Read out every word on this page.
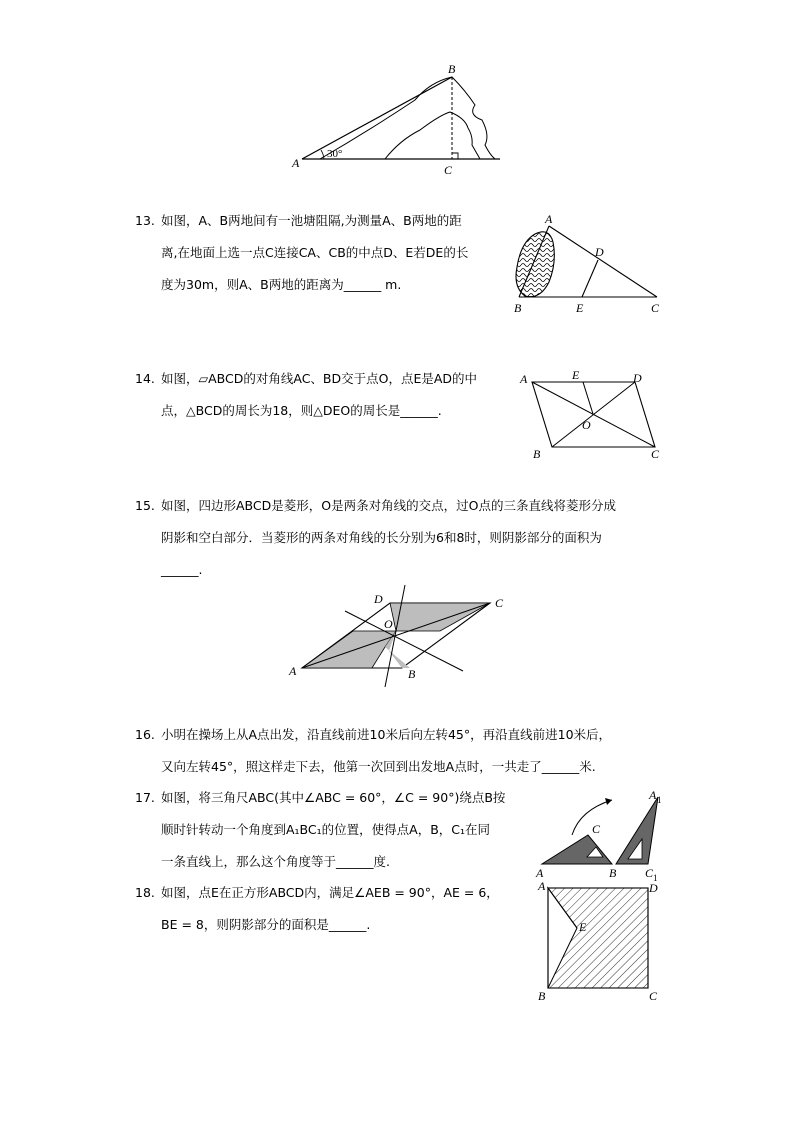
A
B
C
30°
13. 如图，A、B两地间有一池塘阻隔,为测量A、B两地的距
离,在地面上选一点C连接CA、CB的中点D、E若DE的长
度为30m，则A、B两地的距离为______ m.
A
B	C
D
E
14. 如图，▱ABCD的对角线AC、BD交于点O，点E是AD的中
点，△BCD的周长为18，则△DEO的周长是______.
A	D
E
O
B	C
15. 如图，四边形ABCD是菱形，O是两条对角线的交点，过O点的三条直线将菱形分成
阴影和空白部分．当菱形的两条对角线的长分别为6和8时，则阴影部分的面积为
______.
A	B
C
D
O
16. 小明在操场上从A点出发，沿直线前进10米后向左转45°，再沿直线前进10米后，
又向左转45°，照这样走下去，他第一次回到出发地A点时，一共走了______米.
17. 如图，将三角尺ABC(其中∠ABC = 60°，∠C = 90°)绕点B按
顺时针转动一个角度到A₁BC₁的位置，使得点A，B，C₁在同
一条直线上，那么这个角度等于______度.
A	B C 1
A 1
C
18. 如图，点E在正方形ABCD内，满足∠AEB = 90°，AE = 6，
BE = 8，则阴影部分的面积是______.
A	D
E
B	C
